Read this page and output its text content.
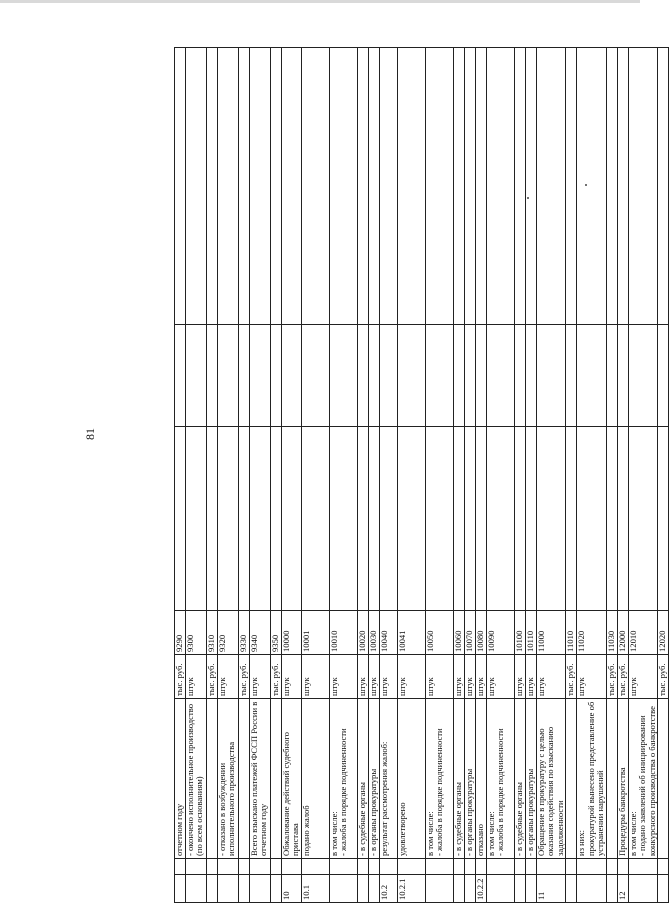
81
		отчетном году	тыс. руб.	9290			
		- окончено исполнительное производство (по всем основаниям)	штук	9300			
			тыс. руб.	9310			
		- отказано в возбуждении исполнительного производства	штук	9320			
			тыс. руб.	9330			
		Всего взыскано платежей ФССП России в отчетном году	штук	9340			
			тыс. руб.	9350			
10		Обжалование действий судебного пристава	штук	10000			
10.1		подано жалоб	штук	10001			

		в том числе: - жалоба в порядке подчиненности	штук	10010			
		- в судебные органы	штук	10020			
		- в органы прокуратуры	штук	10030			
10.2		результат рассмотрения жалоб:	штук	10040			
10.2.1		удовлетворено	штук	10041			

		в том числе: - жалоба в порядке подчиненности	штук	10050			
		- в судебные органы	штук	10060			
		- в органы прокуратуры	штук	10070			
10.2.2		отказано	штук	10080			

		в том числе: - жалоба в порядке подчиненности	штук	10090			
		- в судебные органы	штук	10100			
		- в органы прокуратуры	штук	10110			
11		Обращение в прокуратуру с целью оказания содействия по взысканию задолженности	штук	11000			
			тыс. руб.	11010			

		из них: прокуратурой вынесено представление об устранении нарушений	штук	11020			
			тыс. руб.	11030			
12		Процедуры банкротства	тыс. руб.	12000			

		в том числе: - подано заявлений об инициировании конкурсного производства о банкротстве	штук	12010			
			тыс. руб.	12020			
